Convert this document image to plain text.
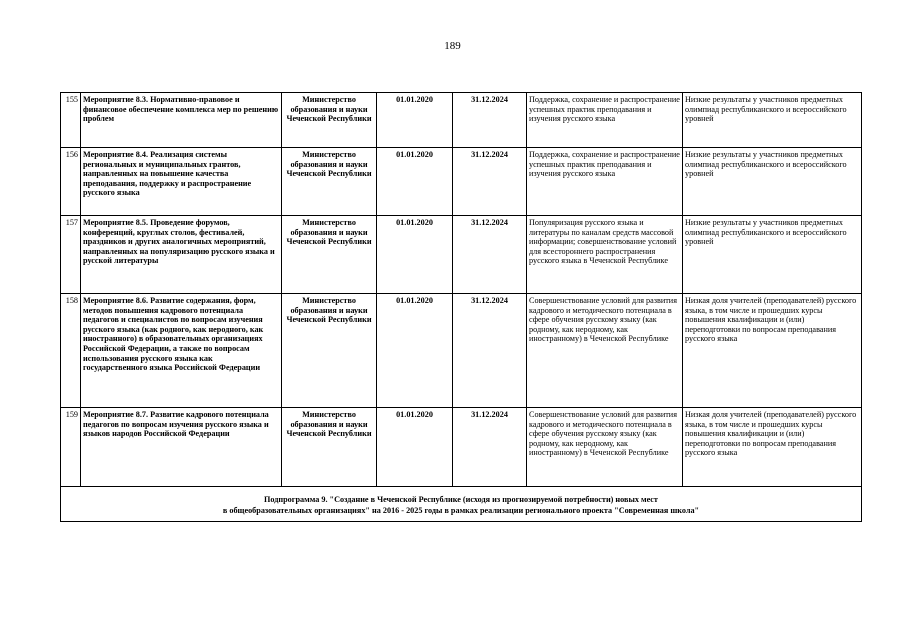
189
155	Мероприятие 8.3. Нормативно-правовое и финансовое обеспечение комплекса мер по решению проблем	Министерство образования и науки Чеченской Республики	01.01.2020	31.12.2024	Поддержка, сохранение и распространение успешных практик преподавания и изучения русского языка	Низкие результаты у участников предметных олимпиад республиканского и всероссийского уровней
156	Мероприятие 8.4. Реализация системы региональных и муниципальных грантов, направленных на повышение качества преподавания, поддержку и распространение русского языка	Министерство образования и науки Чеченской Республики	01.01.2020	31.12.2024	Поддержка, сохранение и распространение успешных практик преподавания и изучения русского языка	Низкие результаты у участников предметных олимпиад республиканского и всероссийского уровней
157	Мероприятие 8.5. Проведение форумов, конференций, круглых столов, фестивалей, праздников и других аналогичных мероприятий, направленных на популяризацию русского языка и русской литературы	Министерство образования и науки Чеченской Республики	01.01.2020	31.12.2024	Популяризация русского языка и литературы по каналам средств массовой информации; совершенствование условий для всестороннего распространения русского языка в Чеченской Республике	Низкие результаты у участников предметных олимпиад республиканского и всероссийского уровней
158	Мероприятие 8.6. Развитие содержания, форм, методов повышения кадрового потенциала педагогов и специалистов по вопросам изучения русского языка (как родного, как неродного, как иностранного) в образовательных организациях Российской Федерации, а также по вопросам использования русского языка как государственного языка Российской Федерации	Министерство образования и науки Чеченской Республики	01.01.2020	31.12.2024	Совершенствование условий для развития кадрового и методического потенциала в сфере обучения русскому языку (как родному, как неродному, как иностранному) в Чеченской Республике	Низкая доля учителей (преподавателей) русского языка, в том числе и прошедших курсы повышения квалификации и (или) переподготовки по вопросам преподавания русского языка
159	Мероприятие 8.7. Развитие кадрового потенциала педагогов по вопросам изучения русского языка и языков народов Российской Федерации	Министерство образования и науки Чеченской Республики	01.01.2020	31.12.2024	Совершенствование условий для развития кадрового и методического потенциала в сфере обучения русскому языку (как родному, как неродному, как иностранному) в Чеченской Республике	Низкая доля учителей (преподавателей) русского языка, в том числе и прошедших курсы повышения квалификации и (или) переподготовки по вопросам преподавания русского языка

Подпрограмма 9. "Создание в Чеченской Республике (исходя из прогнозируемой потребности) новых мест
в общеобразовательных организациях" на 2016 - 2025 годы в рамках реализации регионального проекта "Современная школа"						
